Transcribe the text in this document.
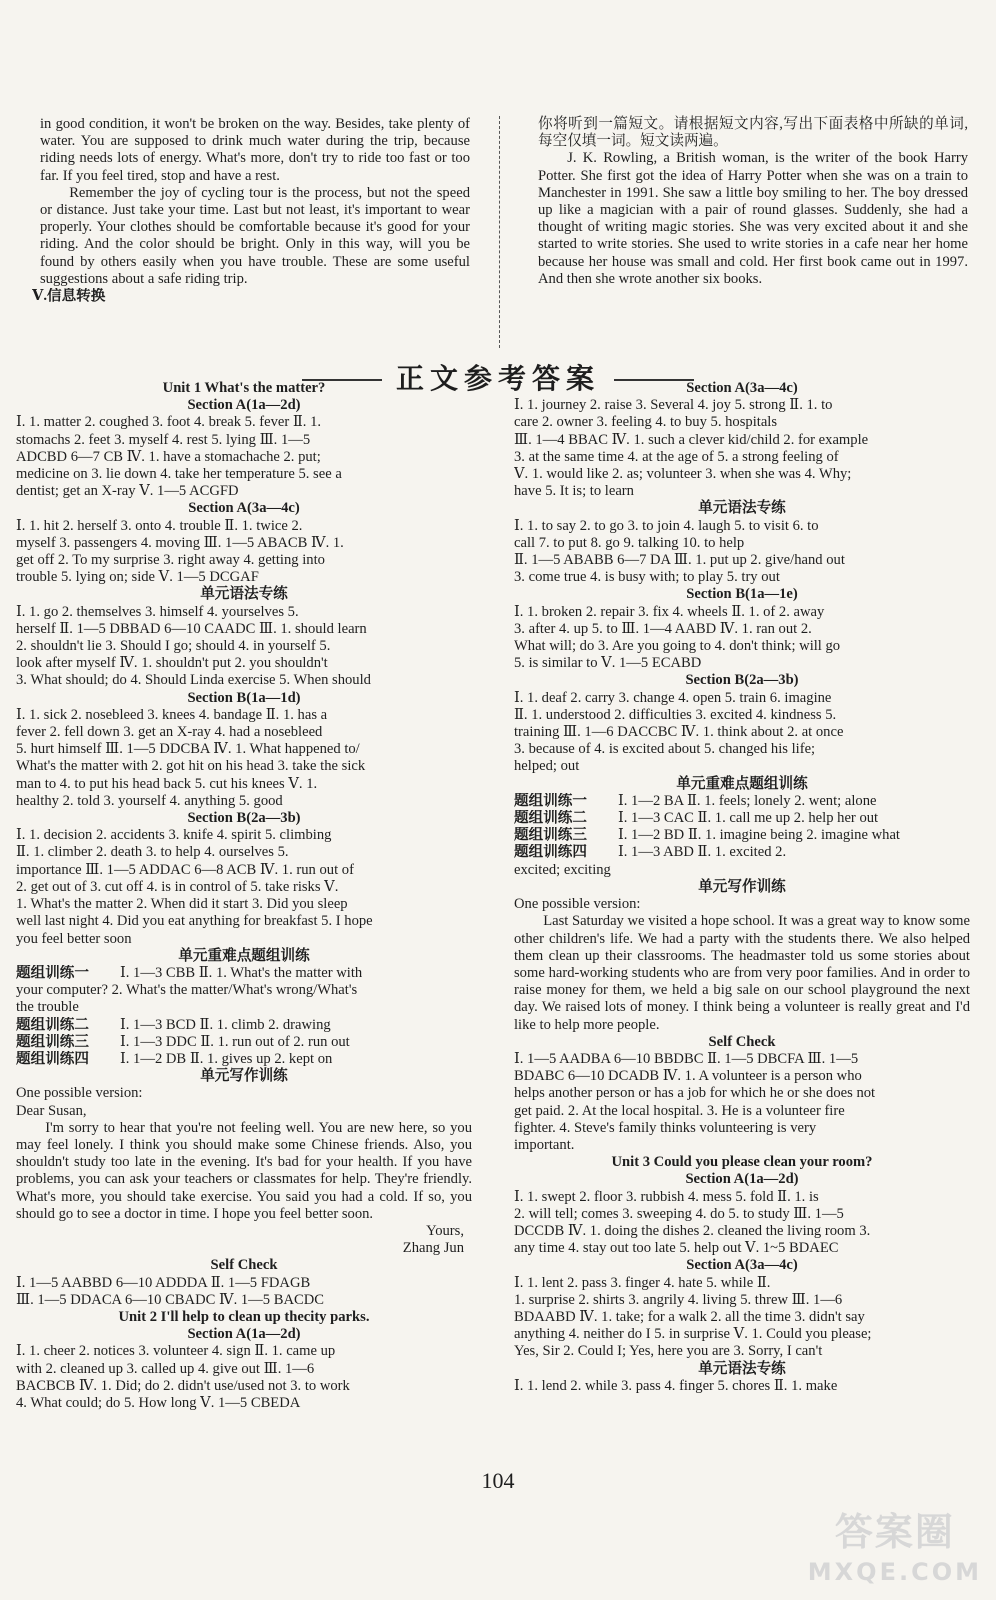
in good condition, it won't be broken on the way. Besides, take plenty of water. You are supposed to drink much water during the trip, because riding needs lots of energy. What's more, don't try to ride too fast or too far. If you feel tired, stop and have a rest.

Remember the joy of cycling tour is the process, but not the speed or distance. Just take your time. Last but not least, it's important to wear properly. Your clothes should be comfortable because it's good for your riding. And the color should be bright. Only in this way, will you be found by others easily when you have trouble. These are some useful suggestions about a safe riding trip.

Ⅴ.信息转换

你将听到一篇短文。请根据短文内容,写出下面表格中所缺的单词,每空仅填一词。短文读两遍。

J. K. Rowling, a British woman, is the writer of the book Harry Potter. She first got the idea of Harry Potter when she was on a train to Manchester in 1991. She saw a little boy smiling to her. The boy dressed up like a magician with a pair of round glasses. Suddenly, she had a thought of writing magic stories. She was very excited about it and she started to write stories. She used to write stories in a cafe near her home because her house was small and cold. Her first book came out in 1997. And then she wrote another six books.

正文参考答案

Unit 1 What's the matter?

Section A(1a—2d)

Ⅰ. 1. matter 2. coughed 3. foot 4. break 5. fever Ⅱ. 1.

stomachs 2. feet 3. myself 4. rest 5. lying Ⅲ. 1—5

ADCBD 6—7 CB Ⅳ. 1. have a stomachache 2. put;

medicine on 3. lie down 4. take her temperature 5. see a

dentist; get an X-ray Ⅴ. 1—5 ACGFD

Section A(3a—4c)

Ⅰ. 1. hit 2. herself 3. onto 4. trouble Ⅱ. 1. twice 2.

myself 3. passengers 4. moving Ⅲ. 1—5 ABACB Ⅳ. 1.

get off 2. To my surprise 3. right away 4. getting into

trouble 5. lying on; side Ⅴ. 1—5 DCGAF

单元语法专练

Ⅰ. 1. go 2. themselves 3. himself 4. yourselves 5.

herself Ⅱ. 1—5 DBBAD 6—10 CAADC Ⅲ. 1. should learn

2. shouldn't lie 3. Should I go; should 4. in yourself 5.

look after myself Ⅳ. 1. shouldn't put 2. you shouldn't

3. What should; do 4. Should Linda exercise 5. When should

Section B(1a—1d)

Ⅰ. 1. sick 2. nosebleed 3. knees 4. bandage Ⅱ. 1. has a

fever 2. fell down 3. get an X-ray 4. had a nosebleed

5. hurt himself Ⅲ. 1—5 DDCBA Ⅳ. 1. What happened to/

What's the matter with 2. got hit on his head 3. take the sick

man to 4. to put his head back 5. cut his knees Ⅴ. 1.

healthy 2. told 3. yourself 4. anything 5. good

Section B(2a—3b)

Ⅰ. 1. decision 2. accidents 3. knife 4. spirit 5. climbing

Ⅱ. 1. climber 2. death 3. to help 4. ourselves 5.

importance Ⅲ. 1—5 ADDAC 6—8 ACB Ⅳ. 1. run out of

2. get out of 3. cut off 4. is in control of 5. take risks Ⅴ.

1. What's the matter 2. When did it start 3. Did you sleep

well last night 4. Did you eat anything for breakfast 5. I hope

you feel better soon

单元重难点题组训练

题组训练一 Ⅰ. 1—3 CBB Ⅱ. 1. What's the matter with

your computer? 2. What's the matter/What's wrong/What's

the trouble

题组训练二 Ⅰ. 1—3 BCD Ⅱ. 1. climb 2. drawing

题组训练三 Ⅰ. 1—3 DDC Ⅱ. 1. run out of 2. run out

题组训练四 Ⅰ. 1—2 DB Ⅱ. 1. gives up 2. kept on

单元写作训练

One possible version:

Dear Susan,

I'm sorry to hear that you're not feeling well. You are new here, so you may feel lonely. I think you should make some Chinese friends. Also, you shouldn't study too late in the evening. It's bad for your health. If you have problems, you can ask your teachers or classmates for help. They're friendly. What's more, you should take exercise. You said you had a cold. If so, you should go to see a doctor in time. I hope you feel better soon.

Yours,

Zhang Jun

Self Check

Ⅰ. 1—5 AABBD 6—10 ADDDA Ⅱ. 1—5 FDAGB

Ⅲ. 1—5 DDACA 6—10 CBADC Ⅳ. 1—5 BACDC

Unit 2 I'll help to clean up thecity parks.

Section A(1a—2d)

Ⅰ. 1. cheer 2. notices 3. volunteer 4. sign Ⅱ. 1. came up

with 2. cleaned up 3. called up 4. give out Ⅲ. 1—6

BACBCB Ⅳ. 1. Did; do 2. didn't use/used not 3. to work

4. What could; do 5. How long Ⅴ. 1—5 CBEDA

Section A(3a—4c)

Ⅰ. 1. journey 2. raise 3. Several 4. joy 5. strong Ⅱ. 1. to

care 2. owner 3. feeling 4. to buy 5. hospitals

Ⅲ. 1—4 BBAC Ⅳ. 1. such a clever kid/child 2. for example

3. at the same time 4. at the age of 5. a strong feeling of

Ⅴ. 1. would like 2. as; volunteer 3. when she was 4. Why;

have 5. It is; to learn

单元语法专练

Ⅰ. 1. to say 2. to go 3. to join 4. laugh 5. to visit 6. to

call 7. to put 8. go 9. talking 10. to help

Ⅱ. 1—5 ABABB 6—7 DA Ⅲ. 1. put up 2. give/hand out

3. come true 4. is busy with; to play 5. try out

Section B(1a—1e)

Ⅰ. 1. broken 2. repair 3. fix 4. wheels Ⅱ. 1. of 2. away

3. after 4. up 5. to Ⅲ. 1—4 AABD Ⅳ. 1. ran out 2.

What will; do 3. Are you going to 4. don't think; will go

5. is similar to Ⅴ. 1—5 ECABD

Section B(2a—3b)

Ⅰ. 1. deaf 2. carry 3. change 4. open 5. train 6. imagine

Ⅱ. 1. understood 2. difficulties 3. excited 4. kindness 5.

training Ⅲ. 1—6 DACCBC Ⅳ. 1. think about 2. at once

3. because of 4. is excited about 5. changed his life;

helped; out

单元重难点题组训练

题组训练一 Ⅰ. 1—2 BA Ⅱ. 1. feels; lonely 2. went; alone

题组训练二 Ⅰ. 1—3 CAC Ⅱ. 1. call me up 2. help her out

题组训练三 Ⅰ. 1—2 BD Ⅱ. 1. imagine being 2. imagine what

题组训练四 Ⅰ. 1—3 ABD Ⅱ. 1. excited 2.

excited; exciting

单元写作训练

One possible version:

Last Saturday we visited a hope school. It was a great way to know some other children's life. We had a party with the students there. We also helped them clean up their classrooms. The headmaster told us some stories about some hard-working students who are from very poor families. And in order to raise money for them, we held a big sale on our school playground the next day. We raised lots of money. I think being a volunteer is really great and I'd like to help more people.

Self Check

Ⅰ. 1—5 AADBA 6—10 BBDBC Ⅱ. 1—5 DBCFA Ⅲ. 1—5

BDABC 6—10 DCADB Ⅳ. 1. A volunteer is a person who

helps another person or has a job for which he or she does not

get paid. 2. At the local hospital. 3. He is a volunteer fire

fighter. 4. Steve's family thinks volunteering is very

important.

Unit 3 Could you please clean your room?

Section A(1a—2d)

Ⅰ. 1. swept 2. floor 3. rubbish 4. mess 5. fold Ⅱ. 1. is

2. will tell; comes 3. sweeping 4. do 5. to study Ⅲ. 1—5

DCCDB Ⅳ. 1. doing the dishes 2. cleaned the living room 3.

any time 4. stay out too late 5. help out Ⅴ. 1~5 BDAEC

Section A(3a—4c)

Ⅰ. 1. lent 2. pass 3. finger 4. hate 5. while Ⅱ.

1. surprise 2. shirts 3. angrily 4. living 5. threw Ⅲ. 1—6

BDAABD Ⅳ. 1. take; for a walk 2. all the time 3. didn't say

anything 4. neither do I 5. in surprise Ⅴ. 1. Could you please;

Yes, Sir 2. Could I; Yes, here you are 3. Sorry, I can't

单元语法专练

Ⅰ. 1. lend 2. while 3. pass 4. finger 5. chores Ⅱ. 1. make

104
答案圈
MXQE.COM
